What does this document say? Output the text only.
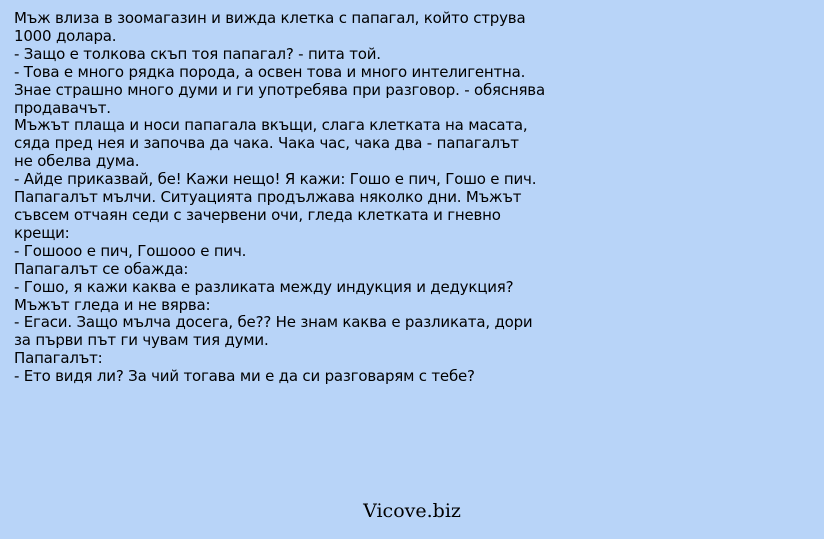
Мъж влиза в зоомагазин и вижда клетка с папагал, който струва
1000 долара.
- Защо е толкова скъп тоя папагал? - пита той.
- Това е много рядка порода, а освен това и много интелигентна.
Знае страшно много думи и ги употребява при разговор. - обяснява
продавачът.
Мъжът плаща и носи папагала вкъщи, слага клетката на масата,
сяда пред нея и започва да чака. Чака час, чака два - папагалът
не обелва дума.
- Айде приказвай, бе! Кажи нещо! Я кажи: Гошо е пич, Гошо е пич.
Папагалът мълчи. Ситуацията продължава няколко дни. Мъжът
съвсем отчаян седи с зачервени очи, гледа клетката и гневно
крещи:
- Гошооо е пич, Гошооо е пич.
Папагалът се обажда:
- Гошо, я кажи каква е разликата между индукция и дедукция?
Мъжът гледа и не вярва:
- Егаси. Защо мълча досега, бе?? Не знам каква е разликата, дори
за първи път ги чувам тия думи.
Папагалът:
- Ето видя ли? За чий тогава ми е да си разговарям с тебе?
Vicove.biz
